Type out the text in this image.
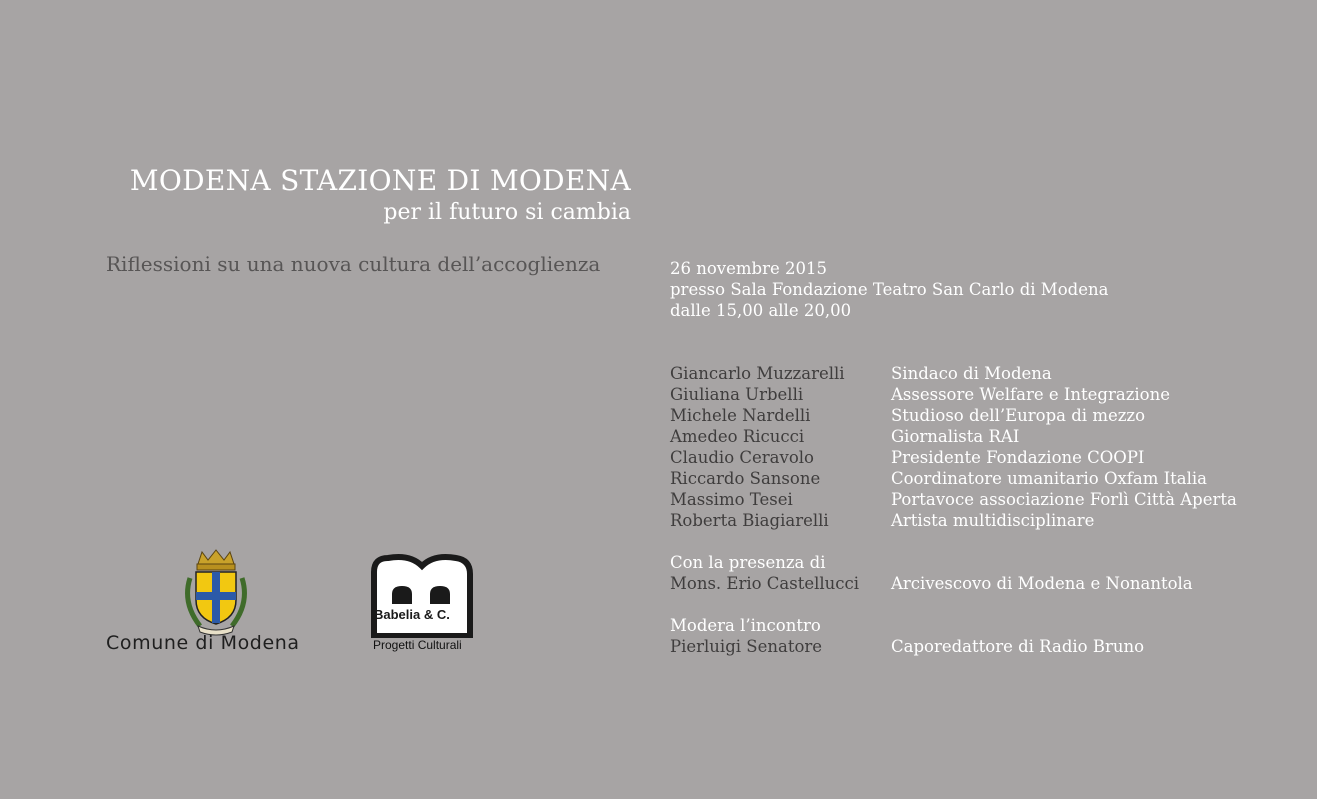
MODENA STAZIONE DI MODENA
per il futuro si cambia
Riflessioni su una nuova cultura dell’accoglienza	26 novembre 2015
presso Sala Fondazione Teatro San Carlo di Modena
dalle 15,00 alle 20,00
Giancarlo Muzzarelli	Sindaco di Modena
Giuliana Urbelli	Assessore Welfare e Integrazione
Michele Nardelli	Studioso dell’Europa di mezzo
Amedeo Ricucci	Giornalista RAI
Claudio Ceravolo	Presidente Fondazione COOPI
Riccardo Sansone	Coordinatore umanitario Oxfam Italia
Massimo Tesei	Portavoce associazione Forlì Città Aperta
Roberta Biagiarelli	Artista multidisciplinare
Con la presenza di
Mons. Erio Castellucci Arcivescovo di Modena e Nonantola
Modera l’incontro
Pierluigi Senatore	Caporedattore di Radio Bruno
Comune di Modena
Babelia & C.
Progetti Culturali
